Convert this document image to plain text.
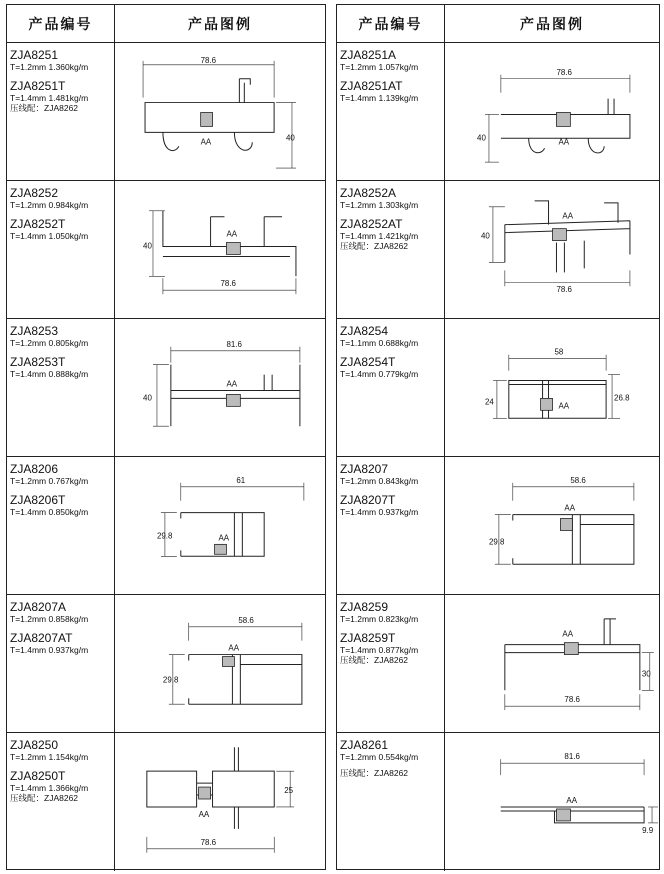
产品编号	产品图例
ZJA8251
T=1.2mm 1.360kg/m
ZJA8251T
T=1.4mm 1.481kg/m
压线配：ZJA8262
78.6
AA	40
ZJA8252
T=1.2mm 0.984kg/m
ZJA8252T
T=1.4mm 1.050kg/m
40
AA
78.6
ZJA8253
T=1.2mm 0.805kg/m
ZJA8253T
T=1.4mm 0.888kg/m
81.6
AA
40
ZJA8206
T=1.2mm 0.767kg/m
ZJA8206T
T=1.4mm 0.850kg/m
61
AA
29.8
ZJA8207A
T=1.2mm 0.858kg/m
ZJA8207AT
T=1.4mm 0.937kg/m
58.6
AA
29.8
ZJA8250
T=1.2mm 1.154kg/m
ZJA8250T
T=1.4mm 1.366kg/m
压线配：ZJA8262
AA
25
78.6
产品编号	产品图例
ZJA8251A
T=1.2mm 1.057kg/m
ZJA8251AT
T=1.4mm 1.139kg/m
78.6
AA
40
ZJA8252A
T=1.2mm 1.303kg/m
ZJA8252AT
T=1.4mm 1.421kg/m
压线配：ZJA8262
40
AA
78.6
ZJA8254
T=1.1mm 0.688kg/m
ZJA8254T
T=1.4mm 0.779kg/m
58
AA
24	26.8
ZJA8207
T=1.2mm 0.843kg/m
ZJA8207T
T=1.4mm 0.937kg/m
58.6
AA
29.8
ZJA8259
T=1.2mm 0.823kg/m
ZJA8259T
T=1.4mm 0.877kg/m
压线配：ZJA8262
AA
30
78.6
ZJA8261
T=1.2mm 0.554kg/m
压线配：ZJA8262
81.6
AA
9.9
